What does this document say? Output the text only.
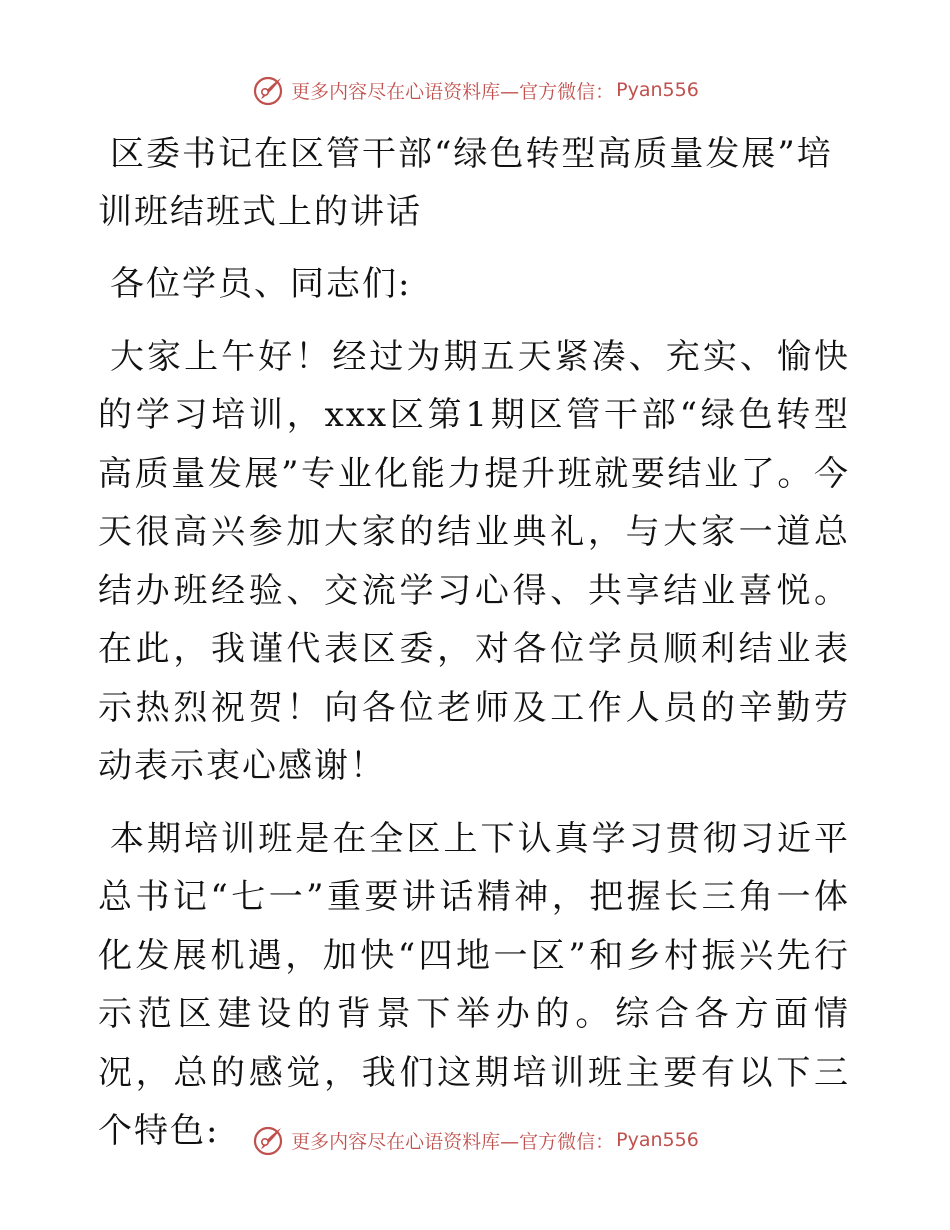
更多内容尽在心语资料库—官方微信： Pyan556
区委书记在区管干部“绿色转型高质量发展”培训班结班式上的讲话

各位学员、同志们:

大家上午好！经过为期五天紧凑、充实、愉快的学习培训，xxx区第1期区管干部“绿色转型高质量发展”专业化能力提升班就要结业了。今天很高兴参加大家的结业典礼，与大家一道总结办班经验、交流学习心得、共享结业喜悦。在此，我谨代表区委，对各位学员顺利结业表示热烈祝贺！向各位老师及工作人员的辛勤劳动表示衷心感谢！

本期培训班是在全区上下认真学习贯彻习近平总书记“七一”重要讲话精神，把握长三角一体化发展机遇，加快“四地一区”和乡村振兴先行示范区建设的背景下举办的。综合各方面情况，总的感觉，我们这期培训班主要有以下三个特色:	更多内容尽在心语资料库—官方微信： Pyan556
